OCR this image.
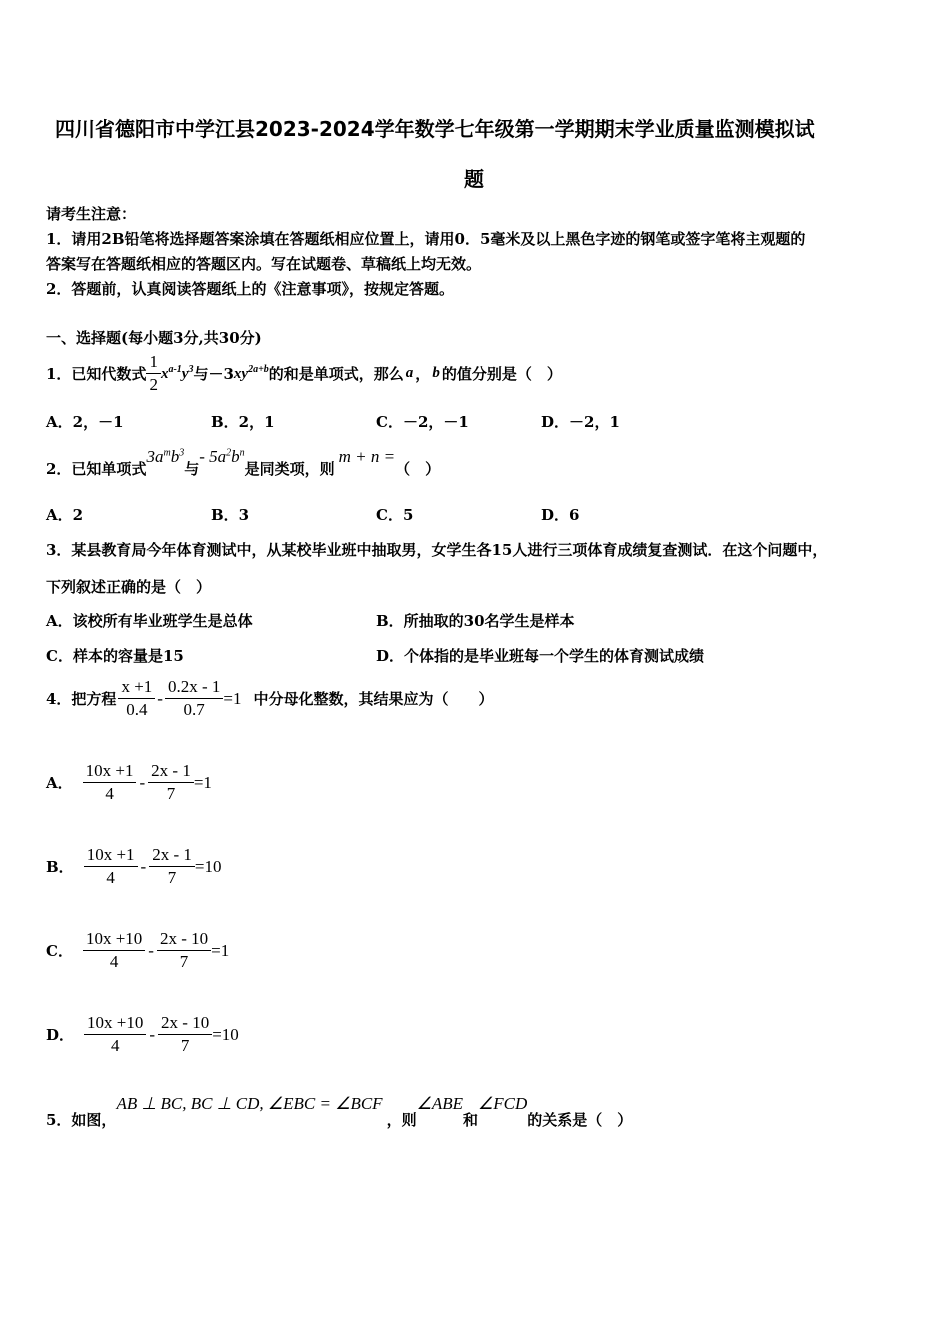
四川省德阳市中学江县2023-2024学年数学七年级第一学期期末学业质量监测模拟试
题
请考生注意：
1．请用2B铅笔将选择题答案涂填在答题纸相应位置上，请用0．5毫米及以上黑色字迹的钢笔或签字笔将主观题的
答案写在答题纸相应的答题区内。写在试题卷、草稿纸上均无效。
2．答题前，认真阅读答题纸上的《注意事项》，按规定答题。
一、选择题(每小题3分,共30分)
1．已知代数式 $\frac{1}{2} x^{a-1}y^3$ 与－3 $xy^{2a+b}$ 的和是单项式，那么 a ， b 的值分别是（　）
A．2，－1	B．2，1	C．－2，－1	D．－2，1
2．已知单项式
$3a^mb^3$
与
- $5a^2b^n$
是同类项，则
m + n =
（　）
A．2	B．3	C．5	D．6
3．某县教育局今年体育测试中，从某校毕业班中抽取男，女学生各15人进行三项体育成绩复查测试．在这个问题中，
下列叙述正确的是（　）
A．该校所有毕业班学生是总体	B．所抽取的30名学生是样本
C．样本的容量是15	D．个体指的是毕业班每一个学生的体育测试成绩
4．把方程 $\frac{x +1}{0.4} - \frac{0.2x - 1}{0.7} =1$ 中分母化整数，其结果应为（　　）
A． $\frac{10x +1}{4} - \frac{2x - 1}{7} =1$
B． $\frac{10x +1}{4} - \frac{2x - 1}{7} =10$
C． $\frac{10x +10}{4} - \frac{2x - 10}{7} =1$
D． $\frac{10x +10}{4} - \frac{2x - 10}{7} =10$
5．如图，
AB ⊥ BC, BC ⊥ CD, ∠EBC = ∠BCF
，则
∠ABE
和
∠FCD
的关系是（　）
